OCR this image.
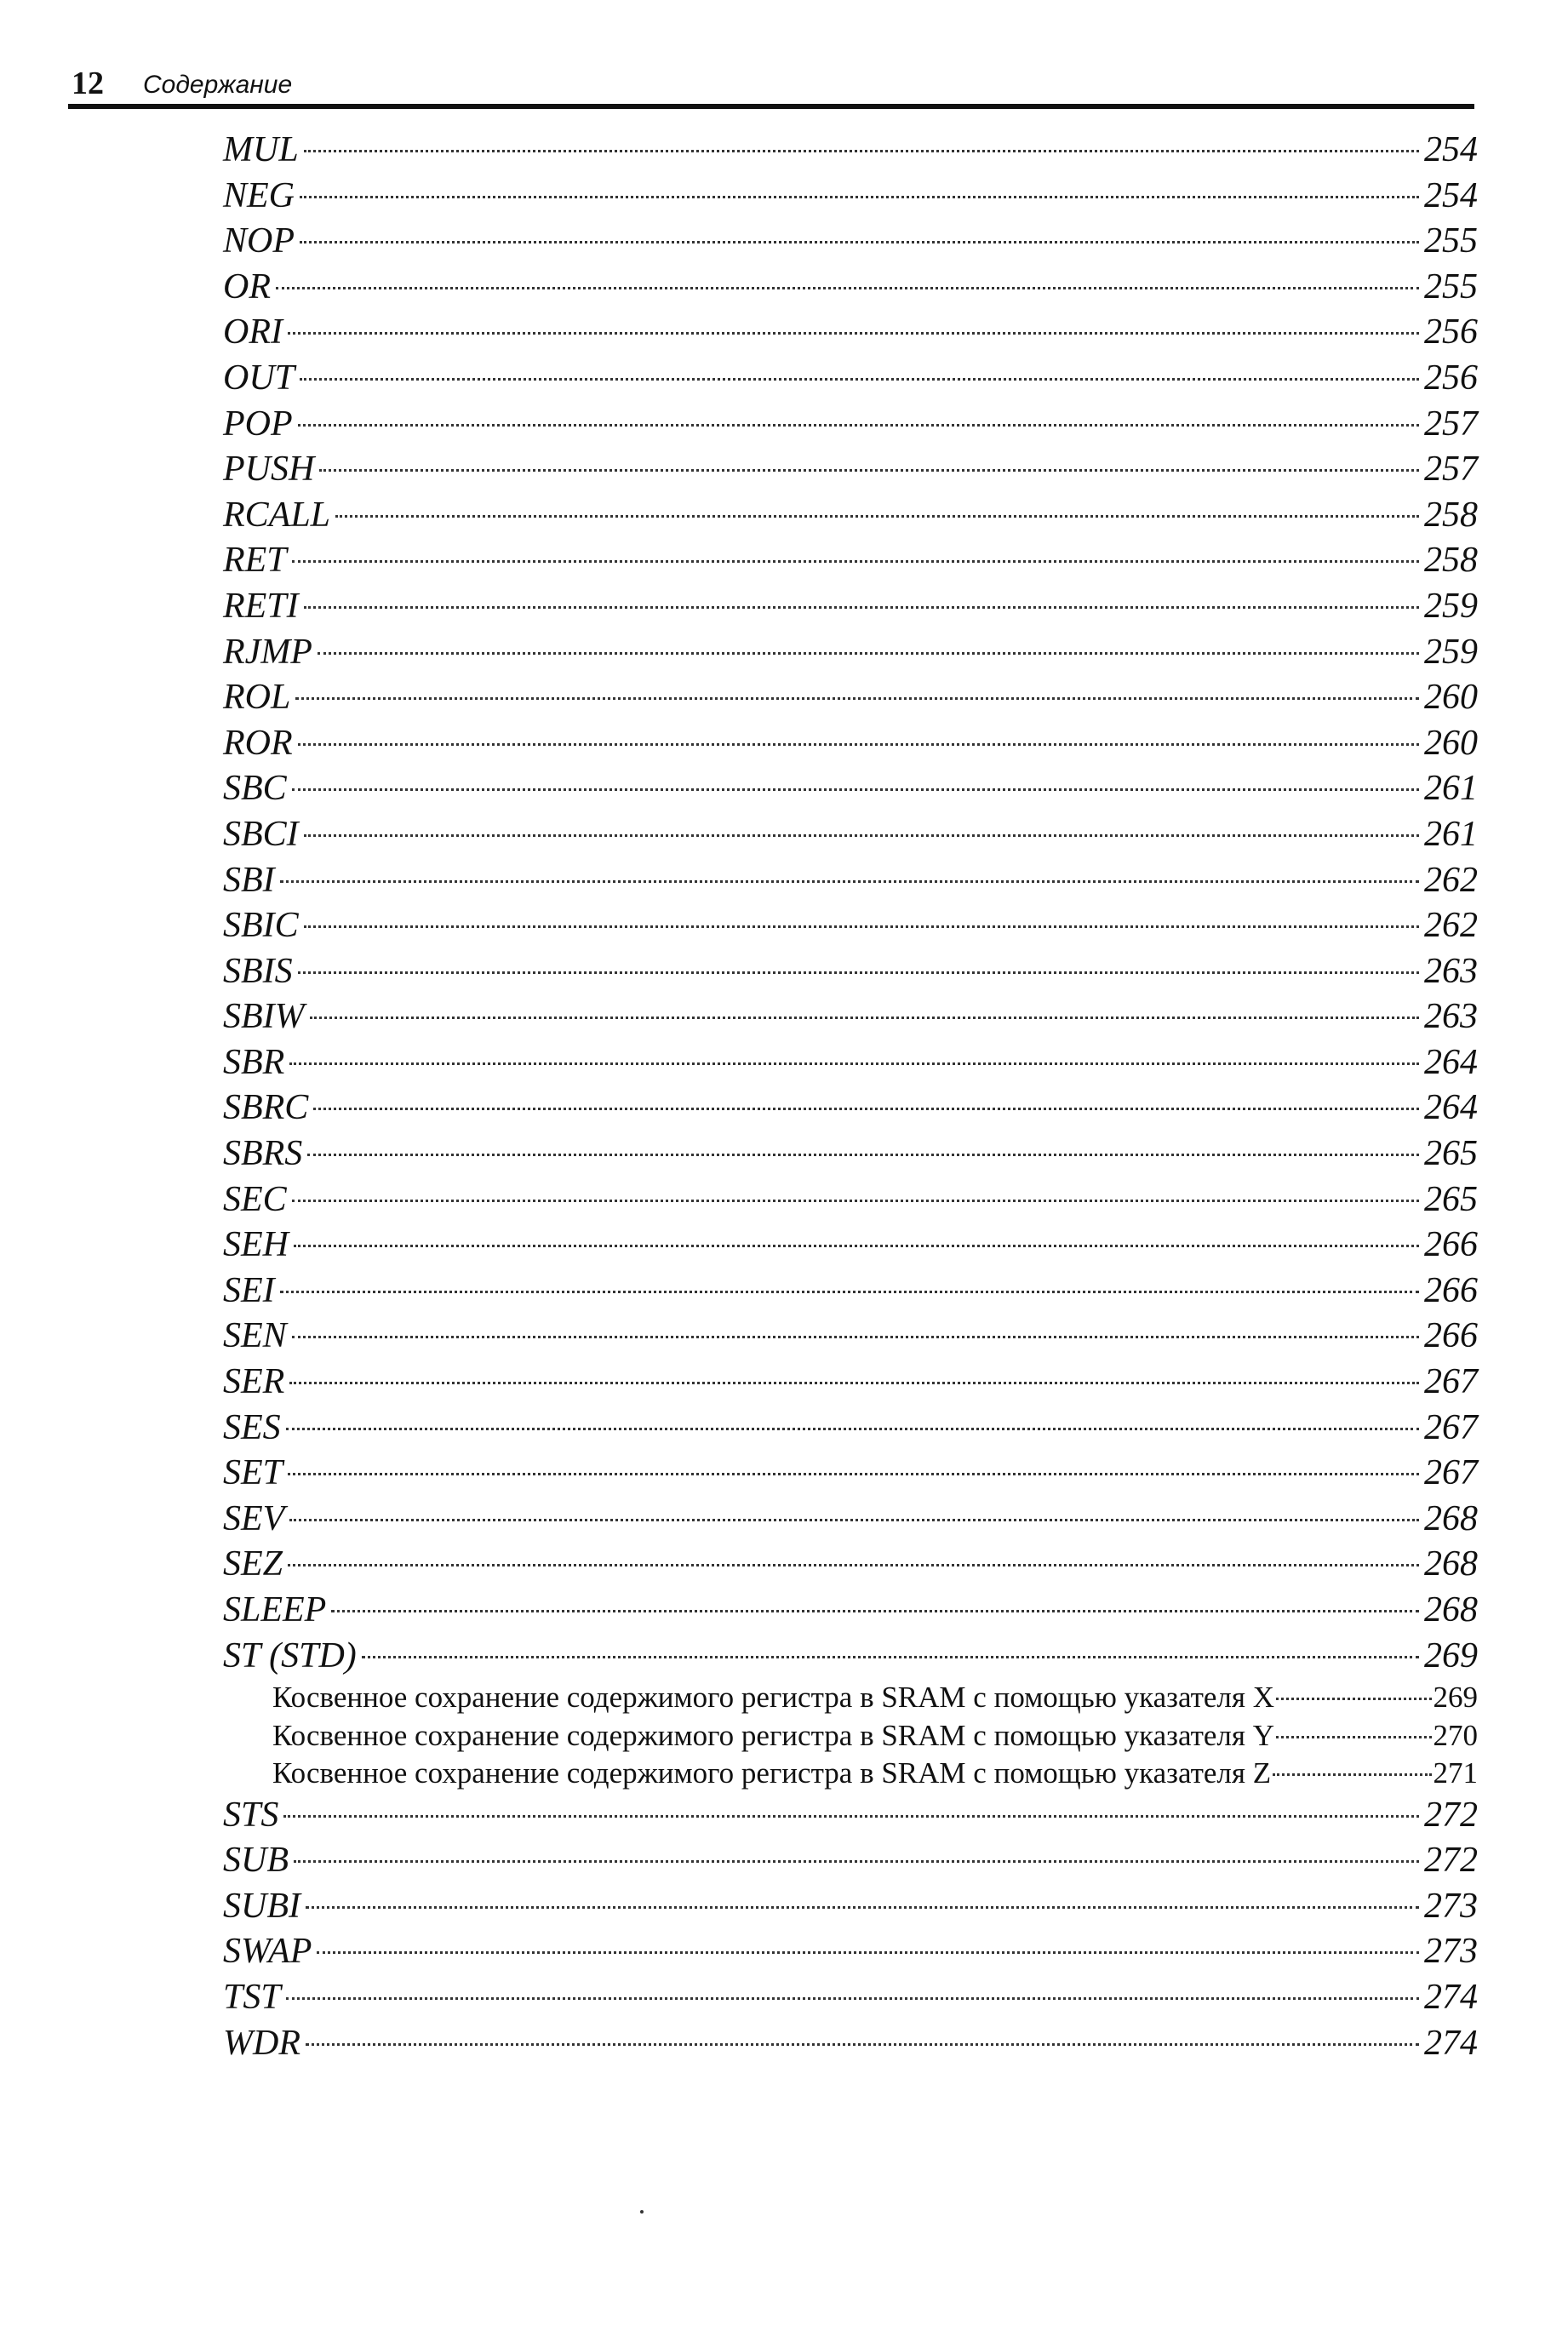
12 Содержание
MUL	254
NEG	254
NOP	255
OR	255
ORI	256
OUT	256
POP	257
PUSH	257
RCALL	258
RET	258
RETI	259
RJMP	259
ROL	260
ROR	260
SBC	261
SBCI	261
SBI	262
SBIC	262
SBIS	263
SBIW	263
SBR	264
SBRC	264
SBRS	265
SEC	265
SEH	266
SEI	266
SEN	266
SER	267
SES	267
SET	267
SEV	268
SEZ	268
SLEEP	268
ST (STD)	269
Косвенное сохранение содержимого регистра в SRAM с помощью указателя X	269
Косвенное сохранение содержимого регистра в SRAM с помощью указателя Y	270
Косвенное сохранение содержимого регистра в SRAM с помощью указателя Z	271
STS	272
SUB	272
SUBI	273
SWAP	273
TST	274
WDR	274
